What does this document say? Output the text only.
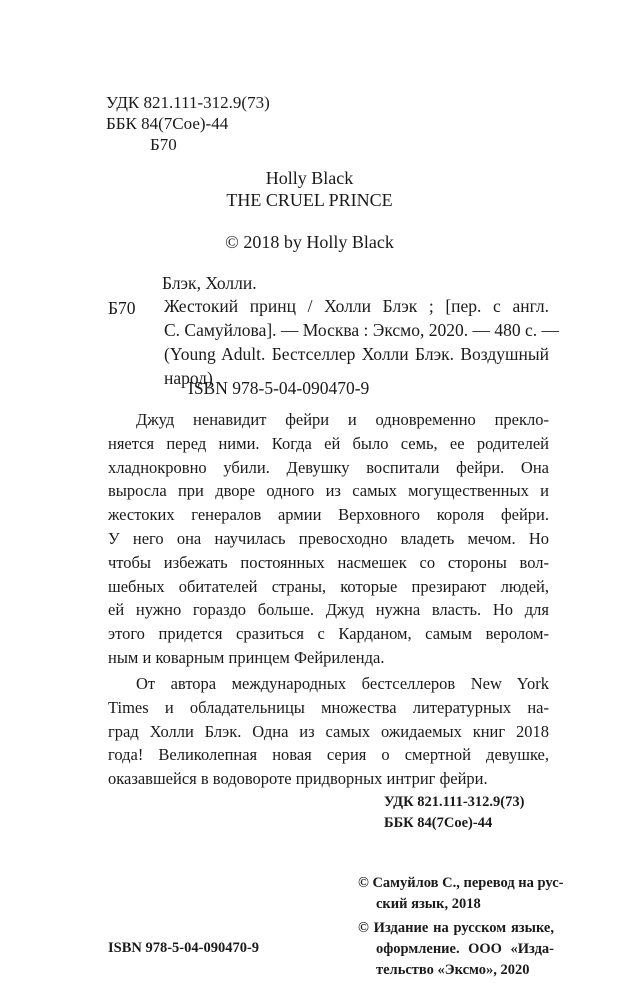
УДК 821.111-312.9(73)
ББК 84(7Сое)-44
Б70
Holly Black
THE CRUEL PRINCE
© 2018 by Holly Black
Блэк, Холли.
Б70 Жестокий принц / Холли Блэк ; [пер. с англ.
С. Самуйлова]. — Москва : Эксмо, 2020. — 480 с. —
(Young Adult. Бестселлер Холли Блэк. Воздушный
народ)
ISBN 978-5-04-090470-9
Джуд ненавидит фейри и одновременно прекло-
няется перед ними. Когда ей было семь, ее родителей
хладнокровно убили. Девушку воспитали фейри. Она
выросла при дворе одного из самых могущественных и
жестоких генералов армии Верховного короля фейри.
У него она научилась превосходно владеть мечом. Но
чтобы избежать постоянных насмешек со стороны вол-
шебных обитателей страны, которые презирают людей,
ей нужно гораздо больше. Джуд нужна власть. Но для
этого придется сразиться с Карданом, самым веролом-
ным и коварным принцем Фейриленда.
От автора международных бестселлеров New York
Times и обладательницы множества литературных на-
град Холли Блэк. Одна из самых ожидаемых книг 2018
года! Великолепная новая серия о смертной девушке,
оказавшейся в водовороте придворных интриг фейри.
УДК 821.111-312.9(73)
ББК 84(7Сое)-44
© Самуйлов С., перевод на рус-
ский язык, 2018
© Издание на русском языке,
оформление. ООО «Изда-
тельство «Эксмо», 2020
ISBN 978-5-04-090470-9
